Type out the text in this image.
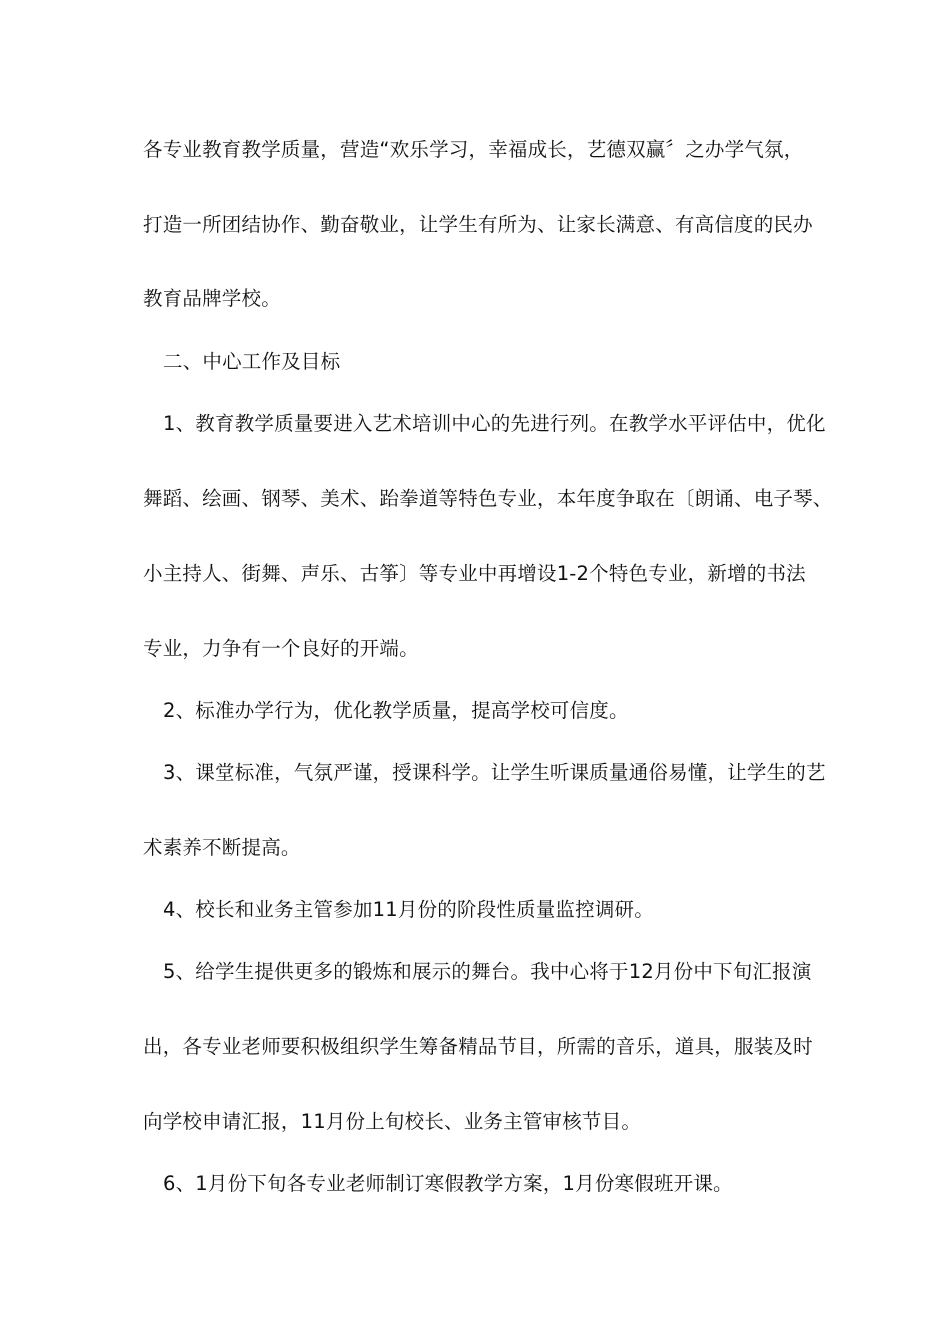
各专业教育教学质量，营造“欢乐学习，幸福成长，艺德双赢〞之办学气氛，
打造一所团结协作、勤奋敬业，让学生有所为、让家长满意、有高信度的民办
教育品牌学校。
二、中心工作及目标
1、教育教学质量要进入艺术培训中心的先进行列。在教学水平评估中，优化
舞蹈、绘画、钢琴、美术、跆拳道等特色专业，本年度争取在〔朗诵、电子琴、
小主持人、街舞、声乐、古筝〕等专业中再增设1-2个特色专业，新增的书法
专业，力争有一个良好的开端。
2、标准办学行为，优化教学质量，提高学校可信度。
3、课堂标准，气氛严谨，授课科学。让学生听课质量通俗易懂，让学生的艺
术素养不断提高。
4、校长和业务主管参加11月份的阶段性质量监控调研。
5、给学生提供更多的锻炼和展示的舞台。我中心将于12月份中下旬汇报演
出，各专业老师要积极组织学生筹备精品节目，所需的音乐，道具，服装及时
向学校申请汇报，11月份上旬校长、业务主管审核节目。
6、1月份下旬各专业老师制订寒假教学方案，1月份寒假班开课。
